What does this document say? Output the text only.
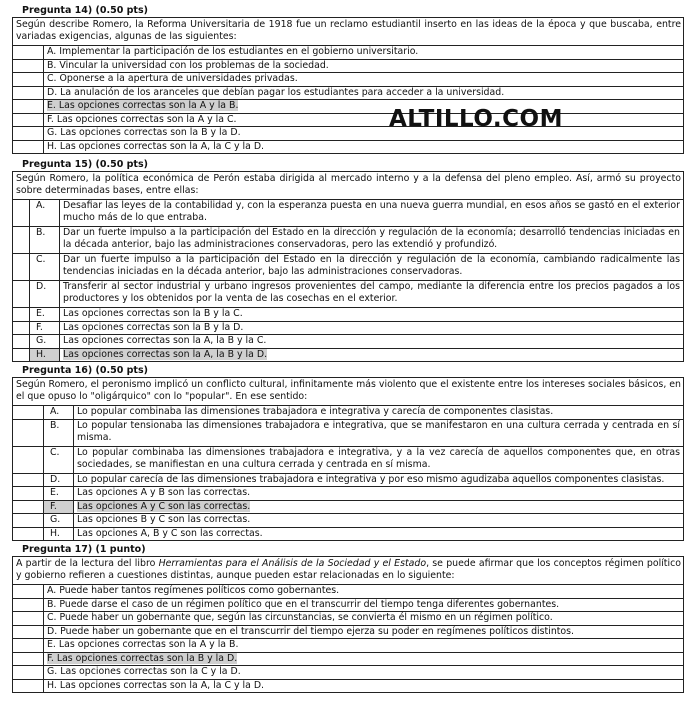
Pregunta 14) (0.50 pts)
Según describe Romero, la Reforma Universitaria de 1918 fue un reclamo estudiantil inserto en las ideas de la época y que buscaba, entre variadas exigencias, algunas de las siguientes:
	A. Implementar la participación de los estudiantes en el gobierno universitario.
	B. Vincular la universidad con los problemas de la sociedad.
	C. Oponerse a la apertura de universidades privadas.
	D. La anulación de los aranceles que debían pagar los estudiantes para acceder a la universidad.
	E. Las opciones correctas son la A y la B.
	F. Las opciones correctas son la A y la C.
	G. Las opciones correctas son la B y la D.
	H. Las opciones correctas son la A, la C y la D.
ALTILLO.COM
Pregunta 15) (0.50 pts)
Según Romero, la política económica de Perón estaba dirigida al mercado interno y a la defensa del pleno empleo. Así, armó su proyecto sobre determinadas bases, entre ellas:
	A.	Desafiar las leyes de la contabilidad y, con la esperanza puesta en una nueva guerra mundial, en esos años se gastó en el exterior mucho más de lo que entraba.
	B.	Dar un fuerte impulso a la participación del Estado en la dirección y regulación de la economía; desarrolló tendencias iniciadas en la década anterior, bajo las administraciones conservadoras, pero las extendió y profundizó.
	C.	Dar un fuerte impulso a la participación del Estado en la dirección y regulación de la economía, cambiando radicalmente las tendencias iniciadas en la década anterior, bajo las administraciones conservadoras.
	D.	Transferir al sector industrial y urbano ingresos provenientes del campo, mediante la diferencia entre los precios pagados a los productores y los obtenidos por la venta de las cosechas en el exterior.
	E.	Las opciones correctas son la B y la C.
	F.	Las opciones correctas son la B y la D.
	G.	Las opciones correctas son la A, la B y la C.
	H.	Las opciones correctas son la A, la B y la D.
Pregunta 16) (0.50 pts)
Según Romero, el peronismo implicó un conflicto cultural, infinitamente más violento que el existente entre los intereses sociales básicos, en el que opuso lo "oligárquico" con lo "popular". En ese sentido:
	A.	Lo popular combinaba las dimensiones trabajadora e integrativa y carecía de componentes clasistas.
	B.	Lo popular tensionaba las dimensiones trabajadora e integrativa, que se manifestaron en una cultura cerrada y centrada en sí misma.
	C.	Lo popular combinaba las dimensiones trabajadora e integrativa, y a la vez carecía de aquellos componentes que, en otras sociedades, se manifiestan en una cultura cerrada y centrada en sí misma.
	D.	Lo popular carecía de las dimensiones trabajadora e integrativa y por eso mismo agudizaba aquellos componentes clasistas.
	E.	Las opciones A y B son las correctas.
	F.	Las opciones A y C son las correctas.
	G.	Las opciones B y C son las correctas.
	H.	Las opciones A, B y C son las correctas.
Pregunta 17) (1 punto)
A partir de la lectura del libro Herramientas para el Análisis de la Sociedad y el Estado, se puede afirmar que los conceptos régimen político y gobierno refieren a cuestiones distintas, aunque pueden estar relacionadas en lo siguiente:
	A. Puede haber tantos regímenes políticos como gobernantes.
	B. Puede darse el caso de un régimen político que en el transcurrir del tiempo tenga diferentes gobernantes.
	C. Puede haber un gobernante que, según las circunstancias, se convierta él mismo en un régimen político.
	D. Puede haber un gobernante que en el transcurrir del tiempo ejerza su poder en regímenes políticos distintos.
	E. Las opciones correctas son la A y la B.
	F. Las opciones correctas son la B y la D.
	G. Las opciones correctas son la C y la D.
	H. Las opciones correctas son la A, la C y la D.
